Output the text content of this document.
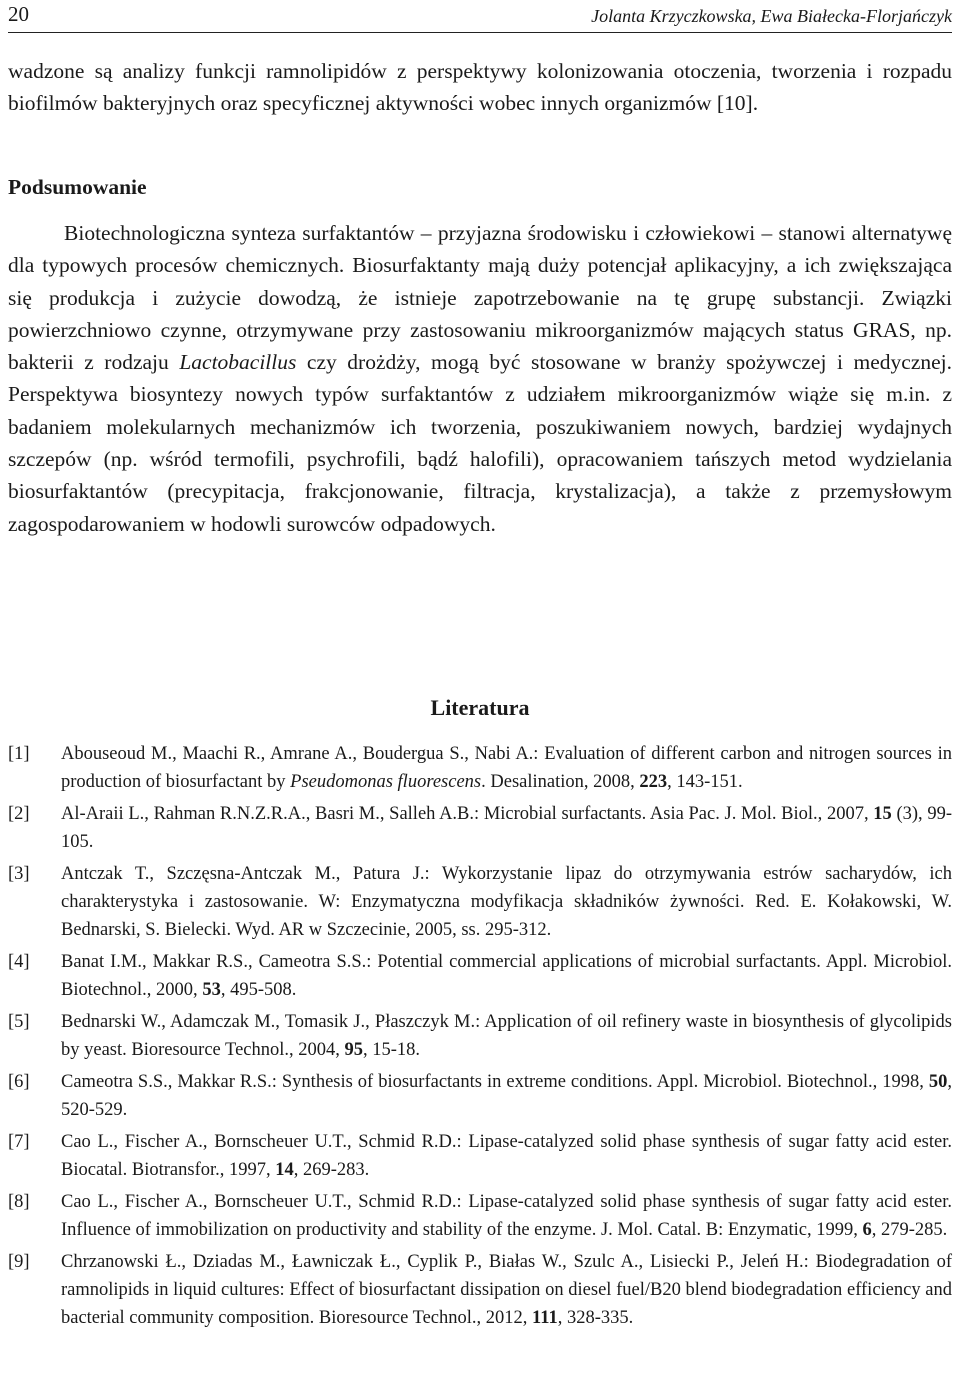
20	Jolanta Krzyczkowska, Ewa Białecka-Florjańczyk

wadzone są analizy funkcji ramnolipidów z perspektywy kolonizowania otoczenia, tworzenia i rozpadu biofilmów bakteryjnych oraz specyficznej aktywności wobec innych organizmów [10].

Podsumowanie

Biotechnologiczna synteza surfaktantów – przyjazna środowisku i człowiekowi – stanowi alternatywę dla typowych procesów chemicznych. Biosurfaktanty mają duży potencjał aplikacyjny, a ich zwiększająca się produkcja i zużycie dowodzą, że istnieje zapotrzebowanie na tę grupę substancji. Związki powierzchniowo czynne, otrzymywane przy zastosowaniu mikroorganizmów mających status GRAS, np. bakterii z rodzaju Lactobacillus czy drożdży, mogą być stosowane w branży spożywczej i medycznej. Perspektywa biosyntezy nowych typów surfaktantów z udziałem mikroorganizmów wiąże się m.in. z badaniem molekularnych mechanizmów ich tworzenia, poszukiwaniem nowych, bardziej wydajnych szczepów (np. wśród termofili, psychrofili, bądź halofili), opracowaniem tańszych metod wydzielania biosurfaktantów (precypitacja, frakcjonowanie, filtracja, krystalizacja), a także z przemysłowym zagospodarowaniem w hodowli surowców odpadowych.

Literatura
[1] Abouseoud M., Maachi R., Amrane A., Boudergua S., Nabi A.: Evaluation of different carbon and nitrogen sources in production of biosurfactant by Pseudomonas fluorescens. Desalination, 2008, 223, 143-151.
[2] Al-Araii L., Rahman R.N.Z.R.A., Basri M., Salleh A.B.: Microbial surfactants. Asia Pac. J. Mol. Biol., 2007, 15 (3), 99-105.
[3] Antczak T., Szczęsna-Antczak M., Patura J.: Wykorzystanie lipaz do otrzymywania estrów sacharydów, ich charakterystyka i zastosowanie. W: Enzymatyczna modyfikacja składników żywności. Red. E. Kołakowski, W. Bednarski, S. Bielecki. Wyd. AR w Szczecinie, 2005, ss. 295-312.
[4] Banat I.M., Makkar R.S., Cameotra S.S.: Potential commercial applications of microbial surfactants. Appl. Microbiol. Biotechnol., 2000, 53, 495-508.
[5] Bednarski W., Adamczak M., Tomasik J., Płaszczyk M.: Application of oil refinery waste in biosynthesis of glycolipids by yeast. Bioresource Technol., 2004, 95, 15-18.
[6] Cameotra S.S., Makkar R.S.: Synthesis of biosurfactants in extreme conditions. Appl. Microbiol. Biotechnol., 1998, 50, 520-529.
[7] Cao L., Fischer A., Bornscheuer U.T., Schmid R.D.: Lipase-catalyzed solid phase synthesis of sugar fatty acid ester. Biocatal. Biotransfor., 1997, 14, 269-283.
[8] Cao L., Fischer A., Bornscheuer U.T., Schmid R.D.: Lipase-catalyzed solid phase synthesis of sugar fatty acid ester. Influence of immobilization on productivity and stability of the enzyme. J. Mol. Catal. B: Enzymatic, 1999, 6, 279-285.
[9] Chrzanowski Ł., Dziadas M., Ławniczak Ł., Cyplik P., Białas W., Szulc A., Lisiecki P., Jeleń H.: Biodegradation of ramnolipids in liquid cultures: Effect of biosurfactant dissipation on diesel fuel/B20 blend biodegradation efficiency and bacterial community composition. Bioresource Technol., 2012, 111, 328-335.
